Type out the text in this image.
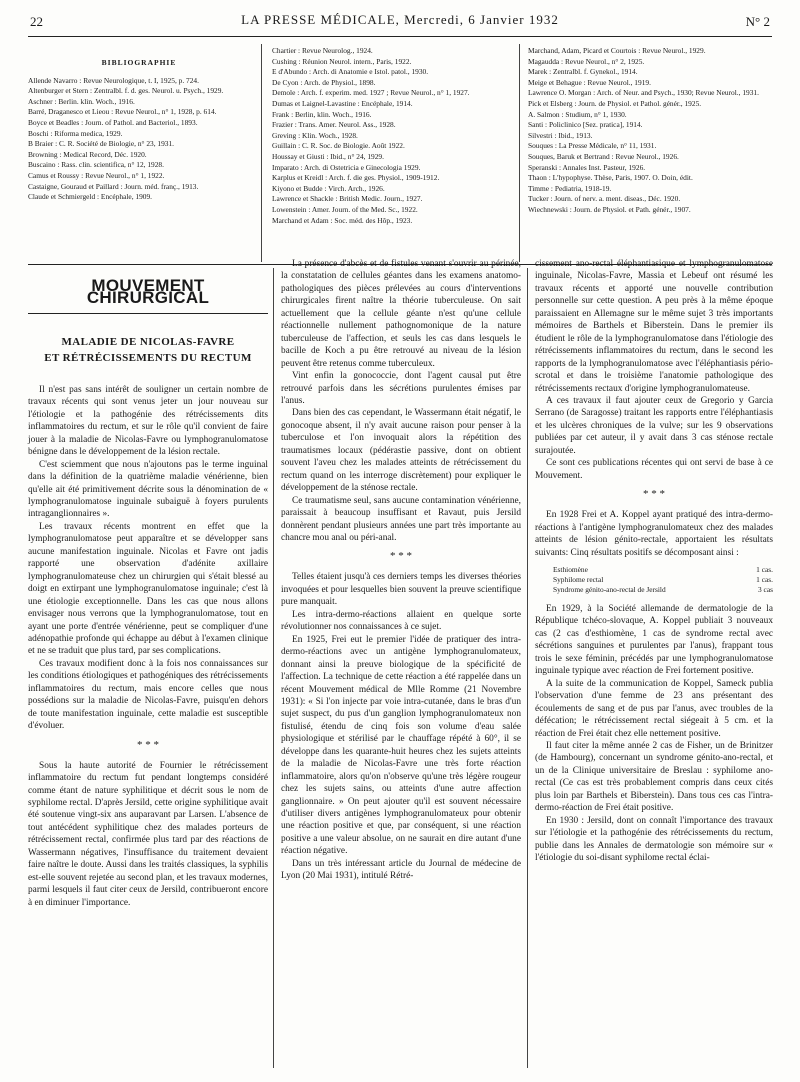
22	LA PRESSE MÉDICALE, Mercredi, 6 Janvier 1932	N° 2
BIBLIOGRAPHIE
Allende Navarro : Revue Neurologique, t. I, 1925, p. 724.
Altenburger et Stern : Zentralbl. f. d. ges. Neurol. u. Psych., 1929.
Aschner : Berlin. klin. Woch., 1916.
Barré, Draganesco et Lieou : Revue Neurol., n° 1, 1928, p. 614.
Boyce et Beadles : Journ. of Pathol. and Bacteriol., 1893.
Boschi : Riforma medica, 1929.
B Braier : C. R. Société de Biologie, n° 23, 1931.
Browning : Medical Record, Déc. 1920.
Buscaino : Rass. clin. scientifica, n° 12, 1928.
Camus et Roussy : Revue Neurol., n° 1, 1922.
Castaigne, Gouraud et Paillard : Journ. méd. franç., 1913.
Claude et Schmiergeld : Encéphale, 1909.
Chartier : Revue Neurolog., 1924.
Cushing : Réunion Neurol. intern., Paris, 1922.
E d'Abundo : Arch. di Anatomie e Istol. patol., 1930.
De Cyon : Arch. de Physiol., 1898.
Demole : Arch. f. experim. med. 1927 ; Revue Neurol., n° 1, 1927.
Dumas et Laignel-Lavastine : Encéphale, 1914.
Frank : Berlin, klin. Woch., 1916.
Frazier : Trans. Amer. Neurol. Ass., 1928.
Greving : Klin. Woch., 1928.
Guillain : C. R. Soc. de Biologie. Août 1922.
Houssay et Giusti : Ibid., n° 24, 1929.
Imparato : Arch. di Ostetricia e Ginecologia 1929.
Karplus et Kreidl : Arch. f. die ges. Physiol., 1909-1912.
Kiyono et Budde : Virch. Arch., 1926.
Lawrence et Shackle : British Medic. Journ., 1927.
Lowenstein : Amer. Journ. of the Med. Sc., 1922.
Marchand et Adam : Soc. méd. des Hôp., 1923.
Marchand, Adam, Picard et Courtois : Revue Neurol., 1929.
Magaudda : Revue Neurol., n° 2, 1925.
Marek : Zentralbl. f. Gynekol., 1914.
Meige et Behague : Revue Neurol., 1919.
Lawrence O. Morgan : Arch. of Neur. and Psych., 1930; Revue Neurol., 1931.
Pick et Elsberg : Journ. de Physiol. et Pathol. génér., 1925.
A. Salmon : Studium, n° 1, 1930.
Santi : Policlinico [Sez. pratica], 1914.
Silvestri : Ibid., 1913.
Souques : La Presse Médicale, n° 11, 1931.
Souques, Baruk et Bertrand : Revue Neurol., 1926.
Speranski : Annales Inst. Pasteur, 1926.
Thaon : L'hypophyse. Thèse, Paris, 1907. O. Doin, édit.
Timme : Pediatria, 1918-19.
Tucker : Journ. of nerv. a. ment. diseas., Déc. 1920.
Wiechnewski : Journ. de Physiol. et Path. génér., 1907.
MOUVEMENT CHIRURGICAL
MALADIE DE NICOLAS-FAVRE
ET RÉTRÉCISSEMENTS DU RECTUM

Il n'est pas sans intérêt de souligner un certain nombre de travaux récents qui sont venus jeter un jour nouveau sur l'étiologie et la pathogénie des rétrécissements dits inflammatoires du rectum, et sur le rôle qu'il convient de faire jouer à la maladie de Nicolas-Favre ou lymphogranulomatose bénigne dans le développement de la lésion rectale.

C'est sciemment que nous n'ajoutons pas le terme inguinal dans la définition de la quatrième maladie vénérienne, bien qu'elle ait été primitivement décrite sous la dénomination de « lymphogranulomatose inguinale subaiguë à foyers purulents intraganglionnaires ».

Les travaux récents montrent en effet que la lymphogranulomatose peut apparaître et se développer sans aucune manifestation inguinale. Nicolas et Favre ont jadis rapporté une observation d'adénite axillaire lymphogranulomateuse chez un chirurgien qui s'était blessé au doigt en extirpant une lymphogranulomatose inguinale; c'est là une étiologie exceptionnelle. Dans les cas que nous allons envisager nous verrons que la lymphogranulomatose, tout en ayant une porte d'entrée vénérienne, peut se compliquer d'une adénopathie profonde qui échappe au début à l'examen clinique et ne se traduit que plus tard, par ses complications.

Ces travaux modifient donc à la fois nos connaissances sur les conditions étiologiques et pathogéniques des rétrécissements inflammatoires du rectum, mais encore celles que nous possédions sur la maladie de Nicolas-Favre, puisqu'en dehors de toute manifestation inguinale, cette maladie est susceptible d'évoluer.

* * *

Sous la haute autorité de Fournier le rétrécissement inflammatoire du rectum fut pendant longtemps considéré comme étant de nature syphilitique et décrit sous le nom de syphilome rectal. D'après Jersild, cette origine syphilitique avait été soutenue vingt-six ans auparavant par Larsen. L'absence de tout antécédent syphilitique chez des malades porteurs de rétrécissement rectal, confirmée plus tard par des réactions de Wassermann négatives, l'insuffisance du traitement devaient faire naître le doute. Aussi dans les traités classiques, la syphilis est-elle souvent rejetée au second plan, et les travaux modernes, parmi lesquels il faut citer ceux de Jersild, contribueront encore à en diminuer l'importance.

La présence d'abcès et de fistules venant s'ouvrir au périnée, la constatation de cellules géantes dans les examens anatomo-pathologiques des pièces prélevées au cours d'interventions chirurgicales firent naître la théorie tuberculeuse. On sait actuellement que la cellule géante n'est qu'une cellule réactionnelle nullement pathognomonique de la nature tuberculeuse de l'affection, et seuls les cas dans lesquels le bacille de Koch a pu être retrouvé au niveau de la lésion peuvent être retenus comme tuberculeux.

Vint enfin la gonococcie, dont l'agent causal put être retrouvé parfois dans les sécrétions purulentes émises par l'anus.

Dans bien des cas cependant, le Wassermann était négatif, le gonocoque absent, il n'y avait aucune raison pour penser à la tuberculose et l'on invoquait alors la répétition des traumatismes locaux (pédérastie passive, dont on obtient souvent l'aveu chez les malades atteints de rétrécissement du rectum quand on les interroge discrètement) pour expliquer le développement de la sténose rectale.

Ce traumatisme seul, sans aucune contamination vénérienne, paraissait à beaucoup insuffisant et Ravaut, puis Jersild donnèrent pendant plusieurs années une part très importante au chancre mou anal ou péri-anal.

* * *

Telles étaient jusqu'à ces derniers temps les diverses théories invoquées et pour lesquelles bien souvent la preuve scientifique pure manquait.

Les intra-dermo-réactions allaient en quelque sorte révolutionner nos connaissances à ce sujet.

En 1925, Frei eut le premier l'idée de pratiquer des intra-dermo-réactions avec un antigène lymphogranulomateux, donnant ainsi la preuve biologique de la spécificité de l'affection. La technique de cette réaction a été rappelée dans un récent Mouvement médical de Mlle Romme (21 Novembre 1931): « Si l'on injecte par voie intra-cutanée, dans le bras d'un sujet suspect, du pus d'un ganglion lymphogranulomateux non fistulisé, étendu de cinq fois son volume d'eau salée physiologique et stérilisé par le chauffage répété à 60°, il se développe dans les quarante-huit heures chez les sujets atteints de la maladie de Nicolas-Favre une très forte réaction inflammatoire, alors qu'on n'observe qu'une très légère rougeur chez les sujets sains, ou atteints d'une autre affection ganglionnaire. » On peut ajouter qu'il est souvent nécessaire d'utiliser divers antigènes lymphogranulomateux pour obtenir une réaction positive et que, par conséquent, si une réaction positive a une valeur absolue, on ne saurait en dire autant d'une réaction négative.

Dans un très intéressant article du Journal de médecine de Lyon (20 Mai 1931), intitulé Rétré-

cissement ano-rectal éléphantiasique et lymphogranulomatose inguinale, Nicolas-Favre, Massia et Lebeuf ont résumé les travaux récents et apporté une nouvelle contribution personnelle sur cette question. A peu près à la même époque paraissaient en Allemagne sur le même sujet 3 très importants mémoires de Barthels et Biberstein. Dans le premier ils étudient le rôle de la lymphogranulomatose dans l'étiologie des rétrécissements inflammatoires du rectum, dans le second les rapports de la lymphogranulomatose avec l'éléphantiasis pério-scrotal et dans le troisième l'anatomie pathologique des rétrécissements rectaux d'origine lymphogranulomateuse.

A ces travaux il faut ajouter ceux de Gregorio y Garcia Serrano (de Saragosse) traitant les rapports entre l'éléphantiasis et les ulcères chroniques de la vulve; sur les 9 observations publiées par cet auteur, il y avait dans 3 cas sténose rectale surajoutée.

Ce sont ces publications récentes qui ont servi de base à ce Mouvement.

* * *

En 1928 Frei et A. Koppel ayant pratiqué des intra-dermo-réactions à l'antigène lymphogranulomateux chez des malades atteints de lésion génito-rectale, apportaient les résultats suivants: Cinq résultats positifs se décomposant ainsi :

Esthiomène	1 cas.
Syphilome rectal	1 cas.
Syndrome génito-ano-rectal de Jersild	3 cas

En 1929, à la Société allemande de dermatologie de la République tchéco-slovaque, A. Koppel publiait 3 nouveaux cas (2 cas d'esthiomène, 1 cas de syndrome rectal avec sécrétions sanguines et purulentes par l'anus), frappant tous trois le sexe féminin, précédés par une lymphogranulomatose inguinale typique avec réaction de Frei fortement positive.

A la suite de la communication de Koppel, Sameck publia l'observation d'une femme de 23 ans présentant des écoulements de sang et de pus par l'anus, avec troubles de la défécation; le rétrécissement rectal siégeait à 5 cm. et la réaction de Frei était chez elle nettement positive.

Il faut citer la même année 2 cas de Fisher, un de Brinitzer (de Hambourg), concernant un syndrome génito-ano-rectal, et un de la Clinique universitaire de Breslau : syphilome ano-rectal (Ce cas est très probablement compris dans ceux cités plus loin par Barthels et Biberstein). Dans tous ces cas l'intra-dermo-réaction de Frei était positive.

En 1930 : Jersild, dont on connaît l'importance des travaux sur l'étiologie et la pathogénie des rétrécissements du rectum, publie dans les Annales de dermatologie son mémoire sur « l'étiologie du soi-disant syphilome rectal éclai-
